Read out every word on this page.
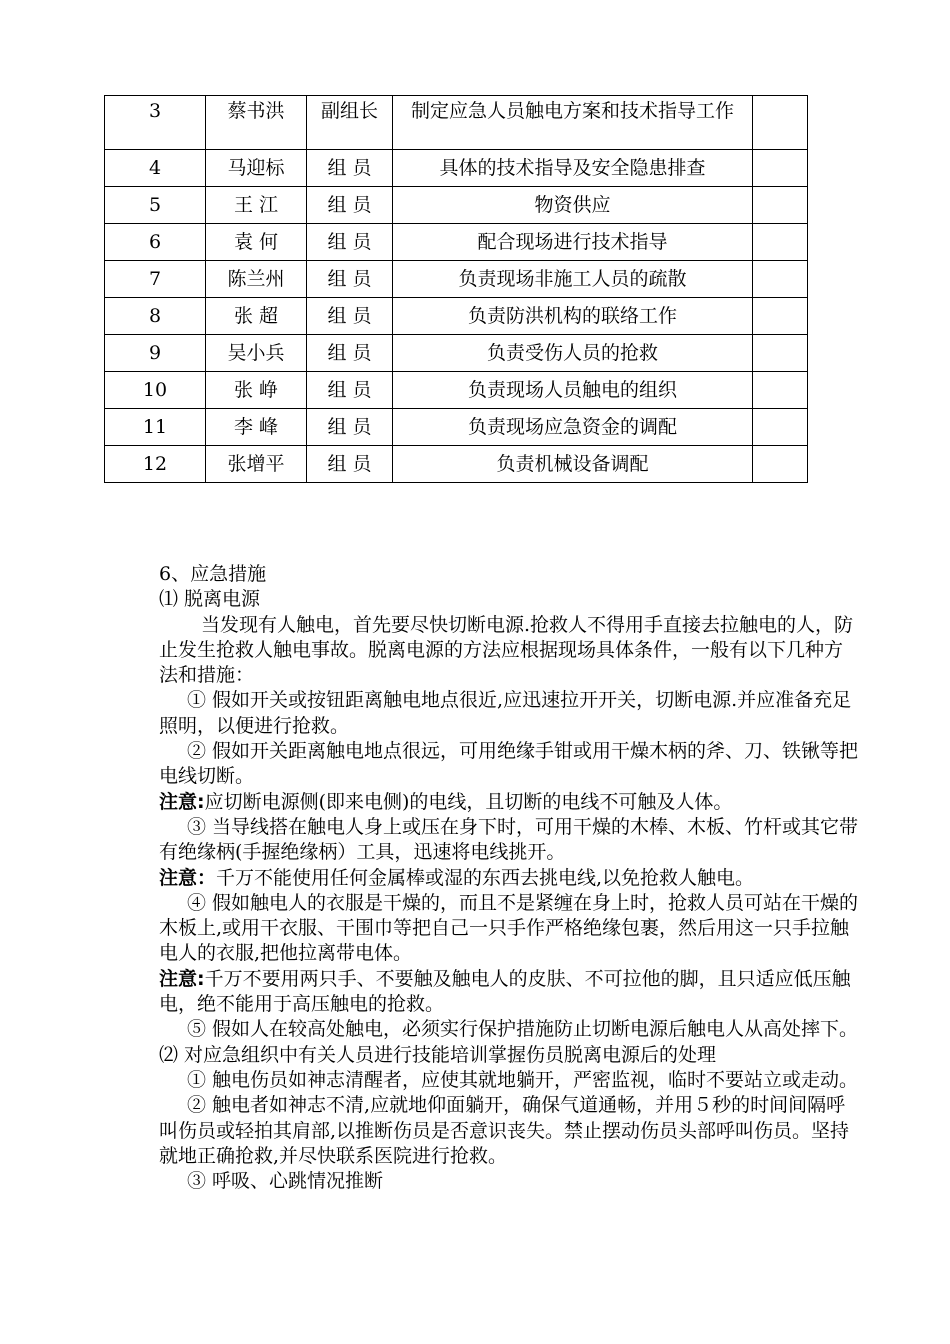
3	蔡书洪	副组长	制定应急人员触电方案和技术指导工作	

4	马迎标	组 员	具体的技术指导及安全隐患排查	

5	王 江	组 员	物资供应	

6	袁 何	组 员	配合现场进行技术指导	

7	陈兰州	组 员	负责现场非施工人员的疏散	

8	张 超	组 员	负责防洪机构的联络工作	

9	吴小兵	组 员	负责受伤人员的抢救	

10	张 峥	组 员	负责现场人员触电的组织	

11	李 峰	组 员	负责现场应急资金的调配	

12	张增平	组 员	负责机械设备调配	

6、应急措施

⑴ 脱离电源

当发现有人触电，首先要尽快切断电源.抢救人不得用手直接去拉触电的人，防止发生抢救人触电事故。脱离电源的方法应根据现场具体条件，一般有以下几种方法和措施：

① 假如开关或按钮距离触电地点很近,应迅速拉开开关，切断电源.并应准备充足照明，以便进行抢救。

② 假如开关距离触电地点很远，可用绝缘手钳或用干燥木柄的斧、刀、铁锹等把电线切断。

注意:应切断电源侧(即来电侧)的电线，且切断的电线不可触及人体。

③ 当导线搭在触电人身上或压在身下时，可用干燥的木棒、木板、竹杆或其它带有绝缘柄(手握绝缘柄）工具，迅速将电线挑开。

注意：千万不能使用任何金属棒或湿的东西去挑电线,以免抢救人触电。

④ 假如触电人的衣服是干燥的，而且不是紧缠在身上时，抢救人员可站在干燥的木板上,或用干衣服、干围巾等把自己一只手作严格绝缘包裹，然后用这一只手拉触电人的衣服,把他拉离带电体。

注意:千万不要用两只手、不要触及触电人的皮肤、不可拉他的脚，且只适应低压触电，绝不能用于高压触电的抢救。

⑤ 假如人在较高处触电，必须实行保护措施防止切断电源后触电人从高处摔下。

⑵ 对应急组织中有关人员进行技能培训掌握伤员脱离电源后的处理

① 触电伤员如神志清醒者，应使其就地躺开，严密监视，临时不要站立或走动。

② 触电者如神志不清,应就地仰面躺开，确保气道通畅，并用５秒的时间间隔呼叫伤员或轻拍其肩部,以推断伤员是否意识丧失。禁止摆动伤员头部呼叫伤员。坚持就地正确抢救,并尽快联系医院进行抢救。

③ 呼吸、心跳情况推断
